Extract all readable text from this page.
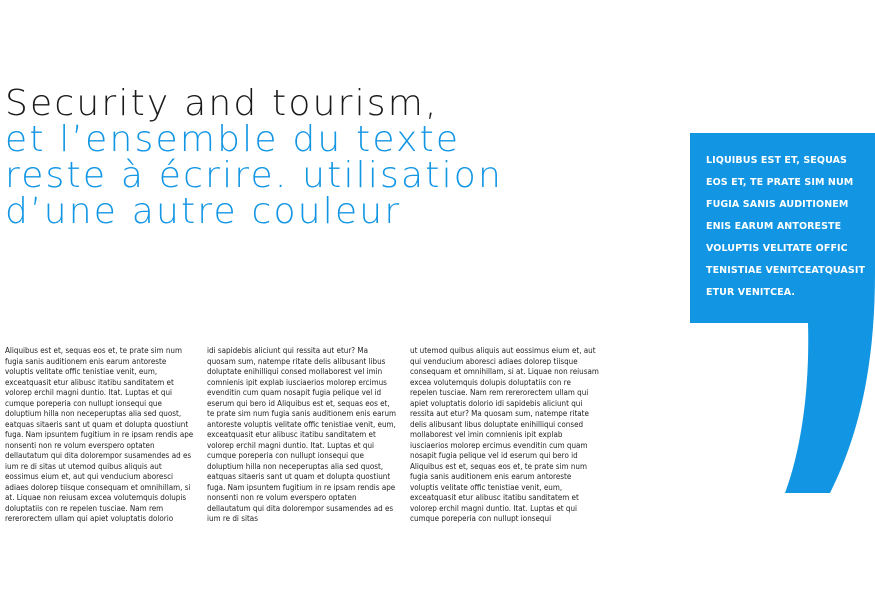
Security and tourism,
et l’ensemble du texte
reste à écrire. utilisation
d’une autre couleur
Aliquibus est et, sequas eos et, te prate sim num fugia sanis auditionem enis earum antoreste voluptis velitate offic tenistiae venit, eum, exceatquasit etur alibusc itatibu sanditatem et volorep erchil magni duntio. Itat. Luptas et qui cumque poreperia con nullupt ionsequi que doluptium hilla non neceperuptas alia sed quost, eatquas sitaeris sant ut quam et dolupta quostiunt fuga. Nam ipsuntem fugitium in re ipsam rendis ape nonsenti non re volum everspero optaten dellautatum qui dita dolorempor susamendes ad es ium re di sitas ut utemod quibus aliquis aut eossimus eium et, aut qui venducium aboresci adiaes dolorep tiisque consequam et omnihillam, si at. Liquae non reiusam excea volutemquis dolupis doluptatiis con re repelen tusciae. Nam rem rererorectem ullam qui apiet voluptatis dolorio
idi sapidebis aliciunt qui ressita aut etur? Ma quosam sum, natempe ritate delis alibusant libus doluptate enihilliqui consed mollaborest vel imin comnienis ipit explab iusciaerios molorep ercimus evenditin cum quam nosapit fugia pelique vel id eserum qui bero id Aliquibus est et, sequas eos et, te prate sim num fugia sanis auditionem enis earum antoreste voluptis velitate offic tenistiae venit, eum, exceatquasit etur alibusc itatibu sanditatem et volorep erchil magni duntio. Itat. Luptas et qui cumque poreperia con nullupt ionsequi que doluptium hilla non neceperuptas alia sed quost, eatquas sitaeris sant ut quam et dolupta quostiunt fuga. Nam ipsuntem fugitium in re ipsam rendis ape nonsenti non re volum everspero optaten dellautatum qui dita dolorempor susamendes ad es ium re di sitas
ut utemod quibus aliquis aut eossimus eium et, aut qui venducium aboresci adiaes dolorep tiisque consequam et omnihillam, si at. Liquae non reiusam excea volutemquis dolupis doluptatiis con re repelen tusciae. Nam rem rererorectem ullam qui apiet voluptatis dolorio idi sapidebis aliciunt qui ressita aut etur? Ma quosam sum, natempe ritate delis alibusant libus doluptate enihilliqui consed mollaborest vel imin comnienis ipit explab iusciaerios molorep ercimus evenditin cum quam nosapit fugia pelique vel id eserum qui bero id Aliquibus est et, sequas eos et, te prate sim num fugia sanis auditionem enis earum antoreste voluptis velitate offic tenistiae venit, eum, exceatquasit etur alibusc itatibu sanditatem et volorep erchil magni duntio. Itat. Luptas et qui cumque poreperia con nullupt ionsequi
LIQUIBUS EST ET, SEQUAS
EOS ET, TE PRATE SIM NUM
FUGIA SANIS AUDITIONEM
ENIS EARUM ANTORESTE
VOLUPTIS VELITATE OFFIC
TENISTIAE VENITCEATQUASIT
ETUR VENITCEA.
